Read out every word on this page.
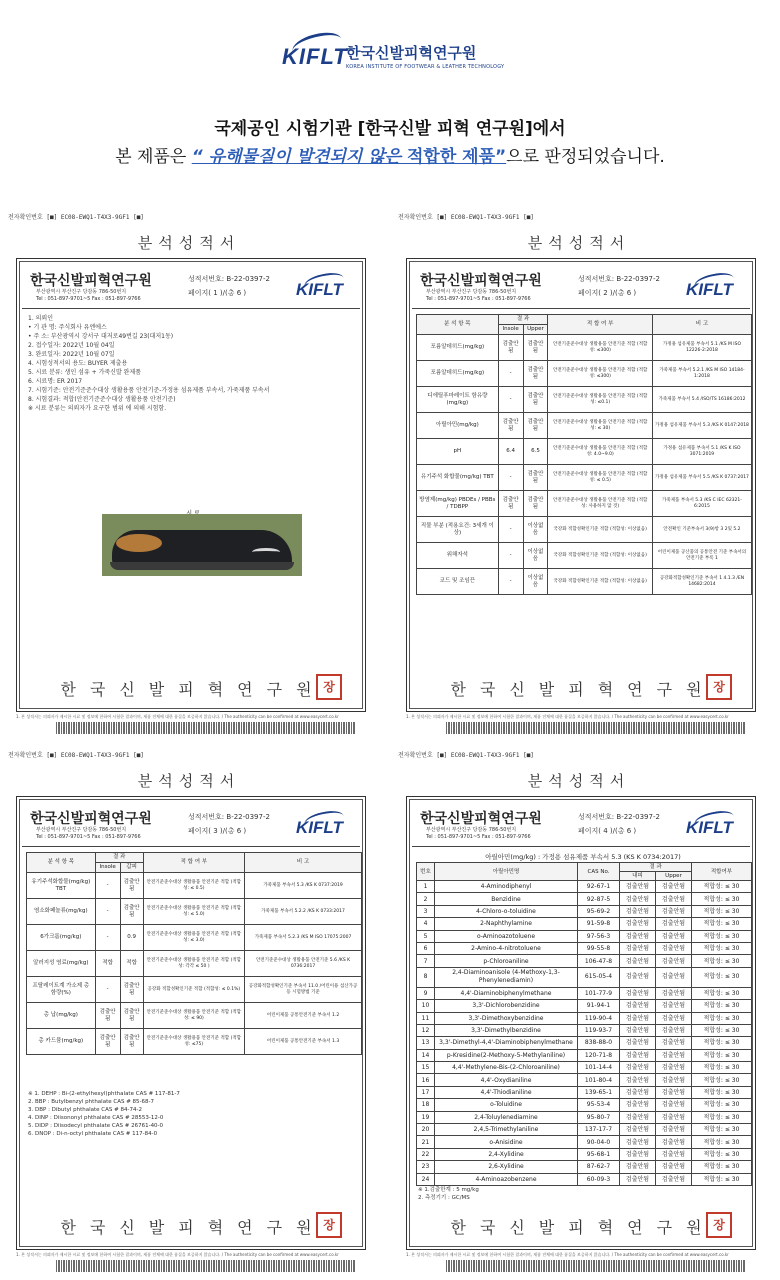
KIFLT
한국신발피혁연구원
KOREA INSTITUTE OF FOOTWEAR & LEATHER TECHNOLOGY
국제공인 시험기관 [한국신발 피혁 연구원]에서
본 제품은 “ 유해물질이 발견되지 않은 적합한 제품”으로 판정되었습니다.
전자확인번호 [■] EC08-EWQ1-T4X3-9GF1 [■]
분석성적서
한국신발피혁연구원
부산광역시 부산진구 당감동 786-50번지
Tel : 051-897-9701~5 Fax : 051-897-9766
성적서번호: B-22-0397-2
페이지( 1 )/(총 6 )	KIFLT
1. 의뢰인
• 기 관 명: 주식회사 유엔에스
• 주 소: 부산광역시 강서구 대저로49번길 23(대저1동)
2. 접수일자: 2022년 10월 04일
3. 완료일자: 2022년 10월 07일
4. 시험성적서의 용도: BUYER 제출용
5. 시료 분류: 생인 섬유 + 가죽신발 완제품
6. 시료명: ER 2017
7. 시험기준: 안전기준준수대상 생활용품 안전기준-가정용 섬유제품 부속서, 가죽제품 부속서
8. 시험결과: 적합(안전기준준수대상 생활용품 안전기준)
※ 시료 분류는 의뢰자가 요구한 범위 에 의해 시험함.
한국신발피혁연구원
장
1. 본 성적서는 의뢰자가 제시한 시료 및 정보에 한하여 시험한 결과이며, 제품 전체에 대한 품질을 보증하지 않습니다. / The authenticity can be confirmed at www.easycert.co.kr
전자확인번호 [■] EC08-EWQ1-T4X3-9GF1 [■]
분석성적서
한국신발피혁연구원
부산광역시 부산진구 당감동 786-50번지
Tel : 051-897-9701~5 Fax : 051-897-9766
성적서번호: B-22-0397-2
페이지( 2 )/(총 6 )	KIFLT
분 석 항 목	결 과		적 합 여 부	비 고
	Insole	Upper		
포름알데히드(mg/kg)	검출안됨	검출안됨	안전기준준수대상 생활용품 안전기준 적합 (적합성: ≤300)	가정용 섬유제품 부속서 5.1 /KS M ISO 12226-2:2018
포름알데히드(mg/kg)	-	검출안됨	안전기준준수대상 생활용품 안전기준 적합 (적합성: ≤300)	가죽제품 부속서 5.2.1 /KS M ISO 14184-1:2018
디에틸푸마레이트 함유량(mg/kg)	-	검출안됨	안전기준준수대상 생활용품 안전기준 적합 (적합성: ≤0.1)	가죽제품 부속서 5.4 /ISO/TS 16186:2012
아릴아민(mg/kg)	검출안됨	검출안됨	안전기준준수대상 생활용품 안전기준 적합 (적합성: ≤ 30)	가정용 섬유제품 부속서 5.3 /KS K 0147:2018
pH	6.4	6.5	안전기준준수대상 생활용품 안전기준 적합 (적합성: 4.0~9.0)	가정용 섬유제품 부속서 5.1 /KS K ISO 3071:2019
유기주석 화합물(mg/kg) TBT	-	검출안됨	안전기준준수대상 생활용품 안전기준 적합 (적합성: ≤ 0.5)	가정용 섬유제품 부속서 5.5 /KS K 0737:2017
방염제(mg/kg) PBDEs / PBBs / TDBPP	검출안됨	검출안됨	안전기준준수대상 생활용품 안전기준 적합 (적합성: 사용하지 않 것)	가죽제품 부속서 5.3 /KS C IEC 62321-6:2015
직물 부분 (적용요건: 3세개 이상)	-	이상없음	국강화 적합성확인기준 적합 (적합성: 이상없음)	안전확인 기준부속서 3(9)항 3 2및 5.2
위해자석	-	이상없음	국강화 적합성확인기준 적합 (적합성: 이상없음)	어린이제품 공산품의 공통안전 기준 부속서의 안전기준 부록 1
코드 및 조임끈	-	이상없음	국강화 적합성확인기준 적합 (적합성: 이상없음)	공강화적합성확인기준 부속서 1 4.1.3 /EN 14682:2014
한국신발피혁연구원
장
1. 본 성적서는 의뢰자가 제시한 시료 및 정보에 한하여 시험한 결과이며, 제품 전체에 대한 품질을 보증하지 않습니다. / The authenticity can be confirmed at www.easycert.co.kr
전자확인번호 [■] EC08-EWQ1-T4X3-9GF1 [■]
분석성적서
한국신발피혁연구원
부산광역시 부산진구 당감동 786-50번지
Tel : 051-897-9701~5 Fax : 051-897-9766
성적서번호: B-22-0397-2
페이지( 3 )/(총 6 )	KIFLT
분 석 항 목	결 과		적 합 여 부	비 고
	Insole	갑피		
유기주석화합물(mg/kg) TBT	-	검출안됨	안전기준준수대상 생활용품 안전기준 적합 (적합성: ≤ 0.5)	가죽제품 부속서 5.3 /KS K 0737:2019
염소화페놀류(mg/kg)	-	검출안됨	안전기준준수대상 생활용품 안전기준 적합 (적합성: ≤ 5.0)	가죽제품 부속서 5.2.2 /KS K 0733:2017
6가크롬(mg/kg)	-	0.9	안전기준준수대상 생활용품 안전기준 적합 (적합성: ≤ 3.0)	가죽제품 부속서 5.2.3 /KS M ISO 17075:2007
알러지성 염료(mg/kg)	적합	적합	안전기준준수대상 생활용품 안전기준 적합 (적합성: 각각 ≤ 50 )	안전기준준수대상 생활용품 안전기준 5.6 /KS K 0736:2017
프탈레이트계 가소제 총 함량(%)	-	검출안됨	공강화 적합성확인기준 적합 (적합성: ≤ 0.1%)	공강화적합성확인기준 부속서 11.0 /어린이용 섬산가공등 시험방법 기준
총 납(mg/kg)	검출안됨	검출안됨	안전기준준수대상 생활용품 안전기준 적합 (적합성: ≤ 90)	어린이제품 공통안전기준 부속서 1.2
총 카드뮴(mg/kg)	검출안됨	검출안됨	안전기준준수대상 생활용품 안전기준 적합 (적합성: ≤75)	어린이제품 공통안전기준 부속서 1.3
※ 1. DEHP : Bi-(2-ethylhexyl)phthalate CAS # 117-81-7
2. BBP : Butylbenzyl phthalate CAS # 85-68-7
3. DBP : Dibutyl phthalate CAS # 84-74-2
4. DINP : Diisononyl phthalate CAS # 28553-12-0
5. DIDP : Diisodecyl phthalate CAS # 26761-40-0
6. DNOP : Di-n-octyl phthalate CAS # 117-84-0
한국신발피혁연구원
장
1. 본 성적서는 의뢰자가 제시한 시료 및 정보에 한하여 시험한 결과이며, 제품 전체에 대한 품질을 보증하지 않습니다. / The authenticity can be confirmed at www.easycert.co.kr
전자확인번호 [■] EC08-EWQ1-T4X3-9GF1 [■]
분석성적서
한국신발피혁연구원
부산광역시 부산진구 당감동 786-50번지
Tel : 051-897-9701~5 Fax : 051-897-9766
성적서번호: B-22-0397-2
페이지( 4 )/(총 6 )	KIFLT
아릴아민(mg/kg) : 가정용 섬유제품 부속서 5.3 (KS K 0734:2017)
번호	아릴아민명	CAS No.	결 과		적합여부
			내피	Upper	
1	4-Aminodiphenyl	92-67-1	검출안됨	검출안됨	적합성: ≤ 30
2	Benzidine	92-87-5	검출안됨	검출안됨	적합성: ≤ 30
3	4-Chloro-o-toluidine	95-69-2	검출안됨	검출안됨	적합성: ≤ 30
4	2-Naphthylamine	91-59-8	검출안됨	검출안됨	적합성: ≤ 30
5	o-Aminoazotoluene	97-56-3	검출안됨	검출안됨	적합성: ≤ 30
6	2-Amino-4-nitrotoluene	99-55-8	검출안됨	검출안됨	적합성: ≤ 30
7	p-Chloroaniline	106-47-8	검출안됨	검출안됨	적합성: ≤ 30
8	2,4-Diaminoanisole (4-Methoxy-1,3-Phenylenediamin)	615-05-4	검출안됨	검출안됨	적합성: ≤ 30
9	4,4'-Diaminobiphenylmethane	101-77-9	검출안됨	검출안됨	적합성: ≤ 30
10	3,3'-Dichlorobenzidine	91-94-1	검출안됨	검출안됨	적합성: ≤ 30
11	3,3'-Dimethoxybenzidine	119-90-4	검출안됨	검출안됨	적합성: ≤ 30
12	3,3'-Dimethylbenzidine	119-93-7	검출안됨	검출안됨	적합성: ≤ 30
13	3,3'-Dimethyl-4,4'-Diaminobiphenylmethane	838-88-0	검출안됨	검출안됨	적합성: ≤ 30
14	p-Kresidine(2-Methoxy-5-Methylaniline)	120-71-8	검출안됨	검출안됨	적합성: ≤ 30
15	4,4'-Methylene-Bis-(2-Chloroaniline)	101-14-4	검출안됨	검출안됨	적합성: ≤ 30
16	4,4'-Oxydianiline	101-80-4	검출안됨	검출안됨	적합성: ≤ 30
17	4,4'-Thiodianiline	139-65-1	검출안됨	검출안됨	적합성: ≤ 30
18	o-Toluidine	95-53-4	검출안됨	검출안됨	적합성: ≤ 30
19	2,4-Toluylenediamine	95-80-7	검출안됨	검출안됨	적합성: ≤ 30
20	2,4,5-Trimethylaniline	137-17-7	검출안됨	검출안됨	적합성: ≤ 30
21	o-Anisidine	90-04-0	검출안됨	검출안됨	적합성: ≤ 30
22	2,4-Xylidine	95-68-1	검출안됨	검출안됨	적합성: ≤ 30
23	2,6-Xylidine	87-62-7	검출안됨	검출안됨	적합성: ≤ 30
24	4-Aminoazobenzene	60-09-3	검출안됨	검출안됨	적합성: ≤ 30
※ 1.검출한계 : 5 mg/kg
2. 측정기기 : GC/MS
한국신발피혁연구원
장
1. 본 성적서는 의뢰자가 제시한 시료 및 정보에 한하여 시험한 결과이며, 제품 전체에 대한 품질을 보증하지 않습니다. / The authenticity can be confirmed at www.easycert.co.kr
